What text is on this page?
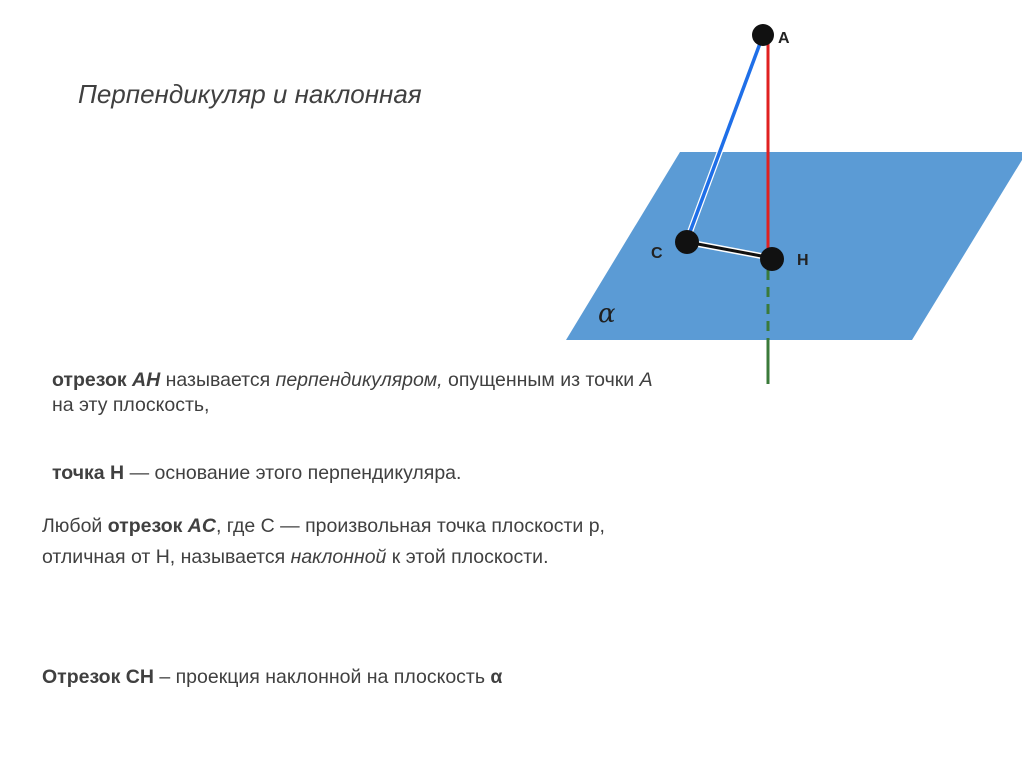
Перпендикуляр и наклонная
A
C	H
α
отрезок AH называется перпендикуляром, опущенным из точки A на эту плоскость,
точка Н — основание этого перпендикуляра.
Любой отрезок AC, где С — произвольная точка плоскости р, отличная от Н, называется наклонной к этой плоскости.
Отрезок СН – проекция наклонной на плоскость α
